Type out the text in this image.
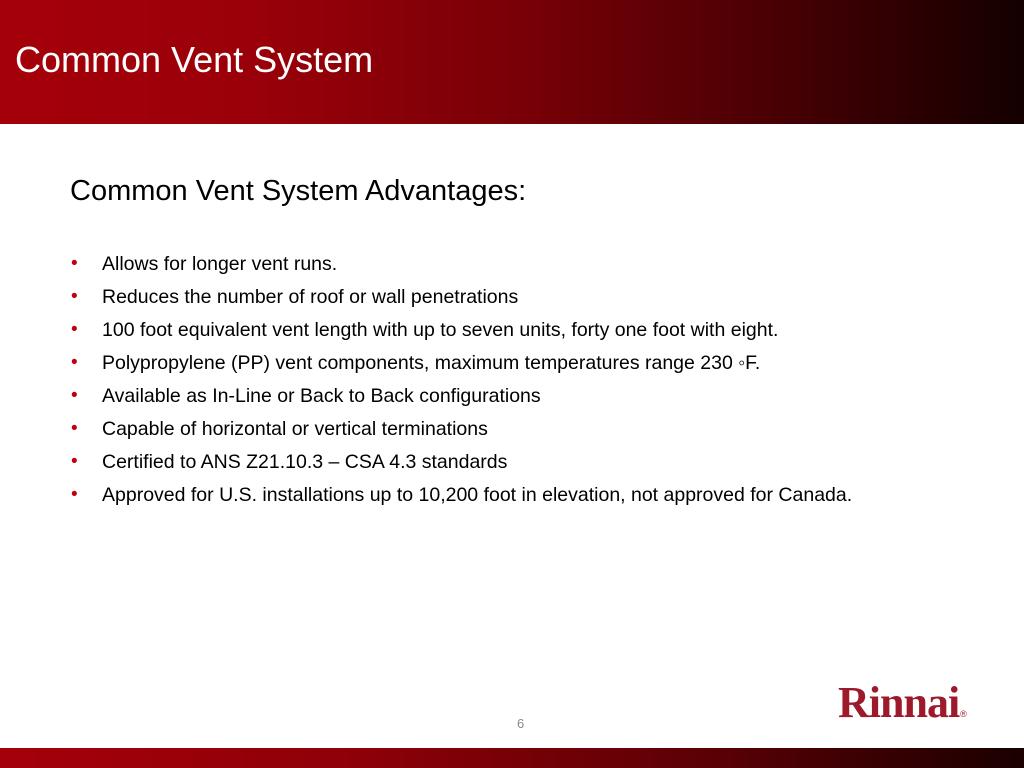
Common Vent System
Common Vent System Advantages:
• Allows for longer vent runs.
• Reduces the number of roof or wall penetrations
• 100 foot equivalent vent length with up to seven units, forty one foot with eight.
• Polypropylene (PP) vent components, maximum temperatures range 230 ◦F.
• Available as In-Line or Back to Back configurations
• Capable of horizontal or vertical terminations
• Certified to ANS Z21.10.3 – CSA 4.3 standards
• Approved for U.S. installations up to 10,200 foot in elevation, not approved for Canada.
6	Rinnai®
